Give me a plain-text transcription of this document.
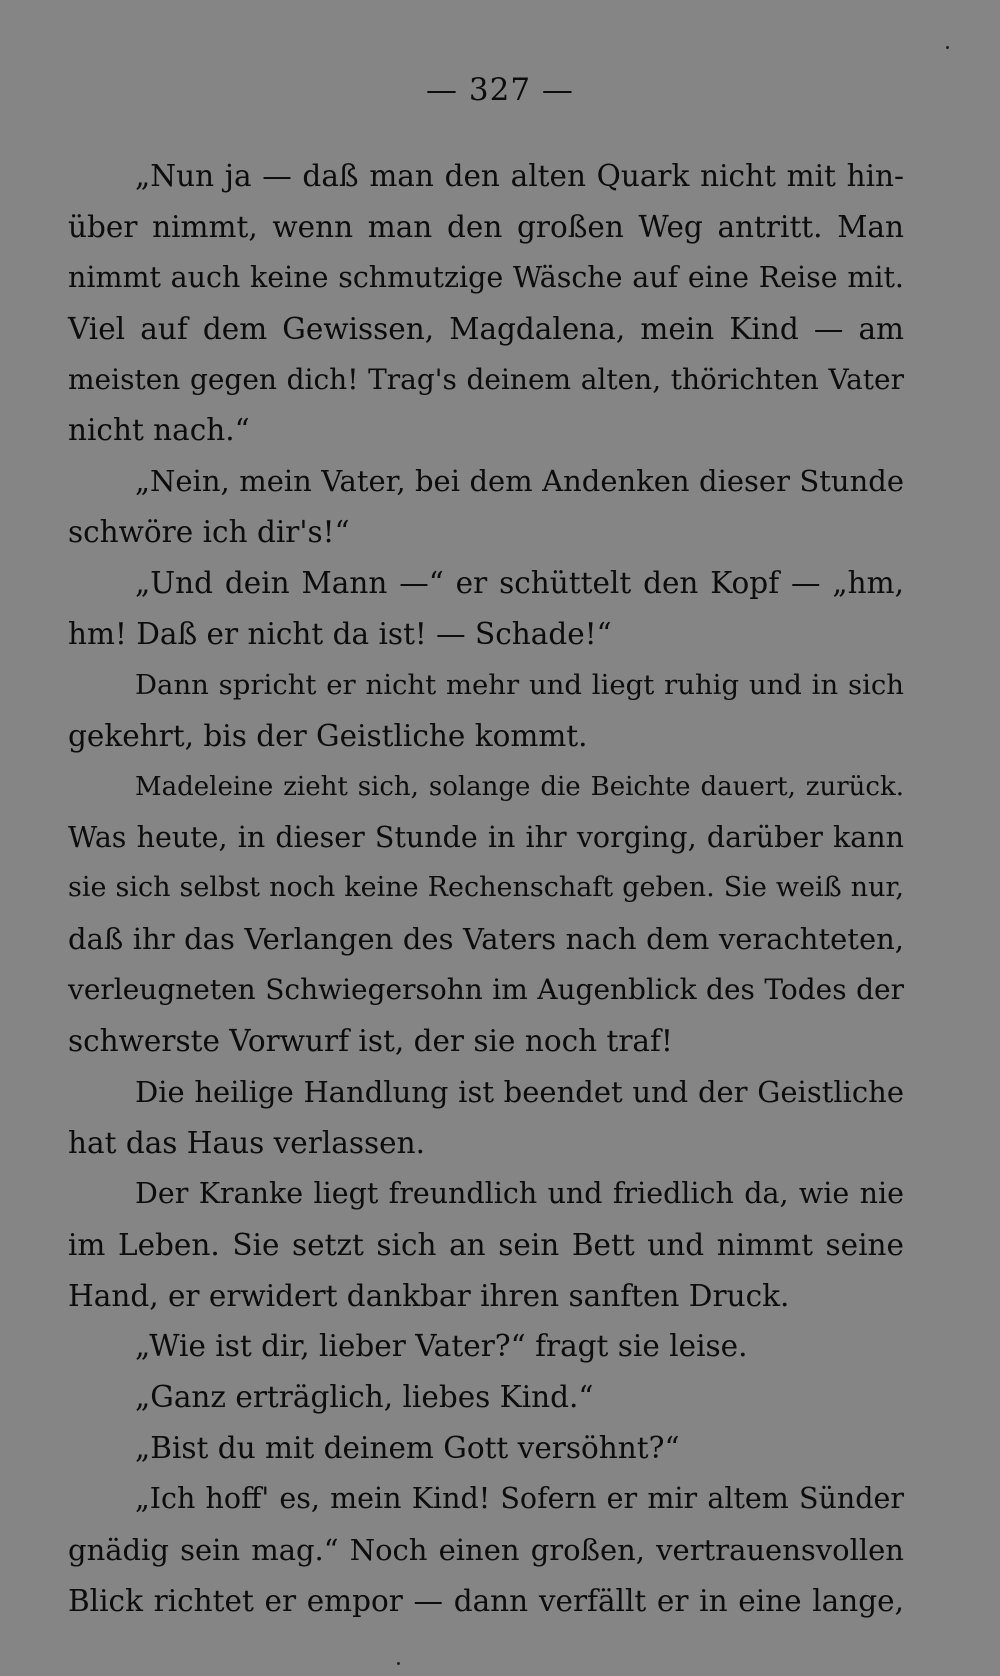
— 327 —
„Nun ja — daß man den alten Quark nicht mit hin-
über nimmt, wenn man den großen Weg antritt. Man
nimmt auch keine schmutzige Wäsche auf eine Reise mit.
Viel auf dem Gewissen, Magdalena, mein Kind — am
meisten gegen dich! Trag's deinem alten, thörichten Vater
nicht nach.“
„Nein, mein Vater, bei dem Andenken dieser Stunde
schwöre ich dir's!“
„Und dein Mann —“ er schüttelt den Kopf — „hm,
hm! Daß er nicht da ist! — Schade!“
Dann spricht er nicht mehr und liegt ruhig und in sich
gekehrt, bis der Geistliche kommt.
Madeleine zieht sich, solange die Beichte dauert, zurück.
Was heute, in dieser Stunde in ihr vorging, darüber kann
sie sich selbst noch keine Rechenschaft geben. Sie weiß nur,
daß ihr das Verlangen des Vaters nach dem verachteten,
verleugneten Schwiegersohn im Augenblick des Todes der
schwerste Vorwurf ist, der sie noch traf!
Die heilige Handlung ist beendet und der Geistliche
hat das Haus verlassen.
Der Kranke liegt freundlich und friedlich da, wie nie
im Leben. Sie setzt sich an sein Bett und nimmt seine
Hand, er erwidert dankbar ihren sanften Druck.
„Wie ist dir, lieber Vater?“ fragt sie leise.
„Ganz erträglich, liebes Kind.“
„Bist du mit deinem Gott versöhnt?“
„Ich hoff' es, mein Kind! Sofern er mir altem Sünder
gnädig sein mag.“ Noch einen großen, vertrauensvollen
Blick richtet er empor — dann verfällt er in eine lange,
